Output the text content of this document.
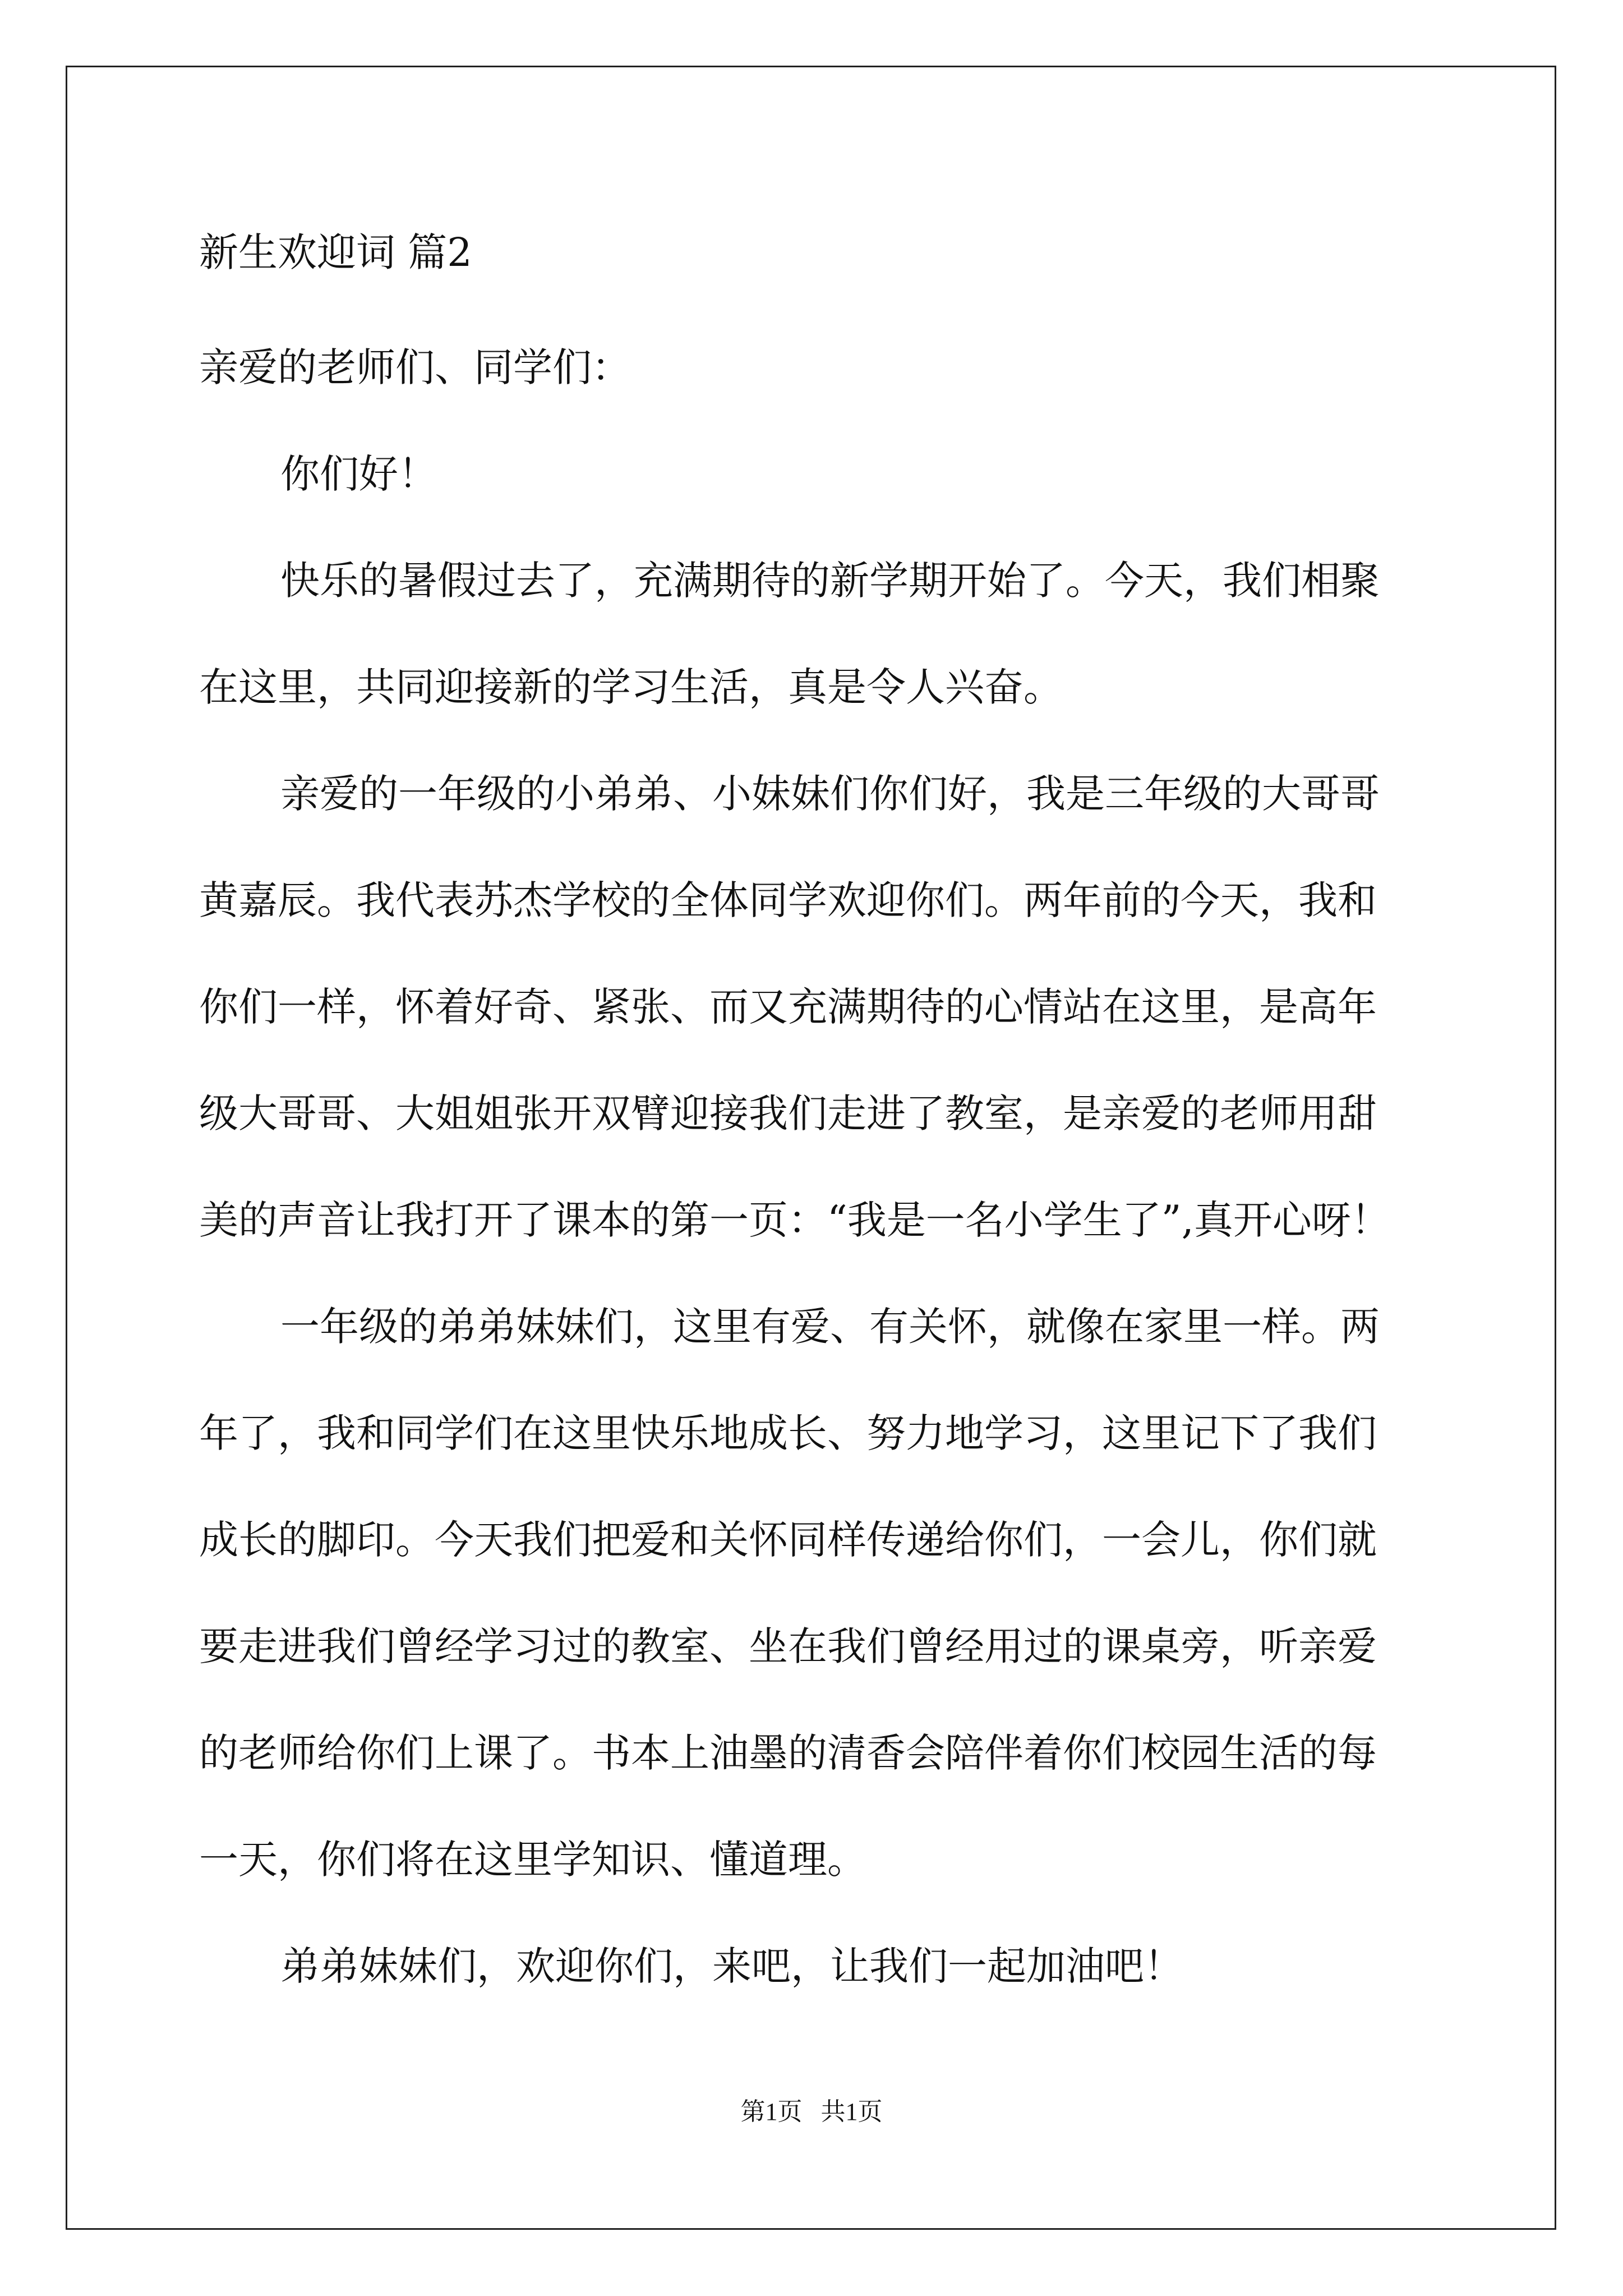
新生欢迎词 篇2
亲爱的老师们、同学们：
你们好！
快乐的暑假过去了，充满期待的新学期开始了。今天，我们相聚
在这里，共同迎接新的学习生活，真是令人兴奋。
亲爱的一年级的小弟弟、小妹妹们你们好，我是三年级的大哥哥
黄嘉辰。我代表苏杰学校的全体同学欢迎你们。两年前的今天，我和
你们一样，怀着好奇、紧张、而又充满期待的心情站在这里，是高年
级大哥哥、大姐姐张开双臂迎接我们走进了教室，是亲爱的老师用甜
美的声音让我打开了课本的第一页：“我是一名小学生了”,真开心呀！
一年级的弟弟妹妹们，这里有爱、有关怀，就像在家里一样。两
年了，我和同学们在这里快乐地成长、努力地学习，这里记下了我们
成长的脚印。今天我们把爱和关怀同样传递给你们，一会儿，你们就
要走进我们曾经学习过的教室、坐在我们曾经用过的课桌旁，听亲爱
的老师给你们上课了。书本上油墨的清香会陪伴着你们校园生活的每
一天，你们将在这里学知识、懂道理。
弟弟妹妹们，欢迎你们，来吧，让我们一起加油吧！
第1页   共1页
